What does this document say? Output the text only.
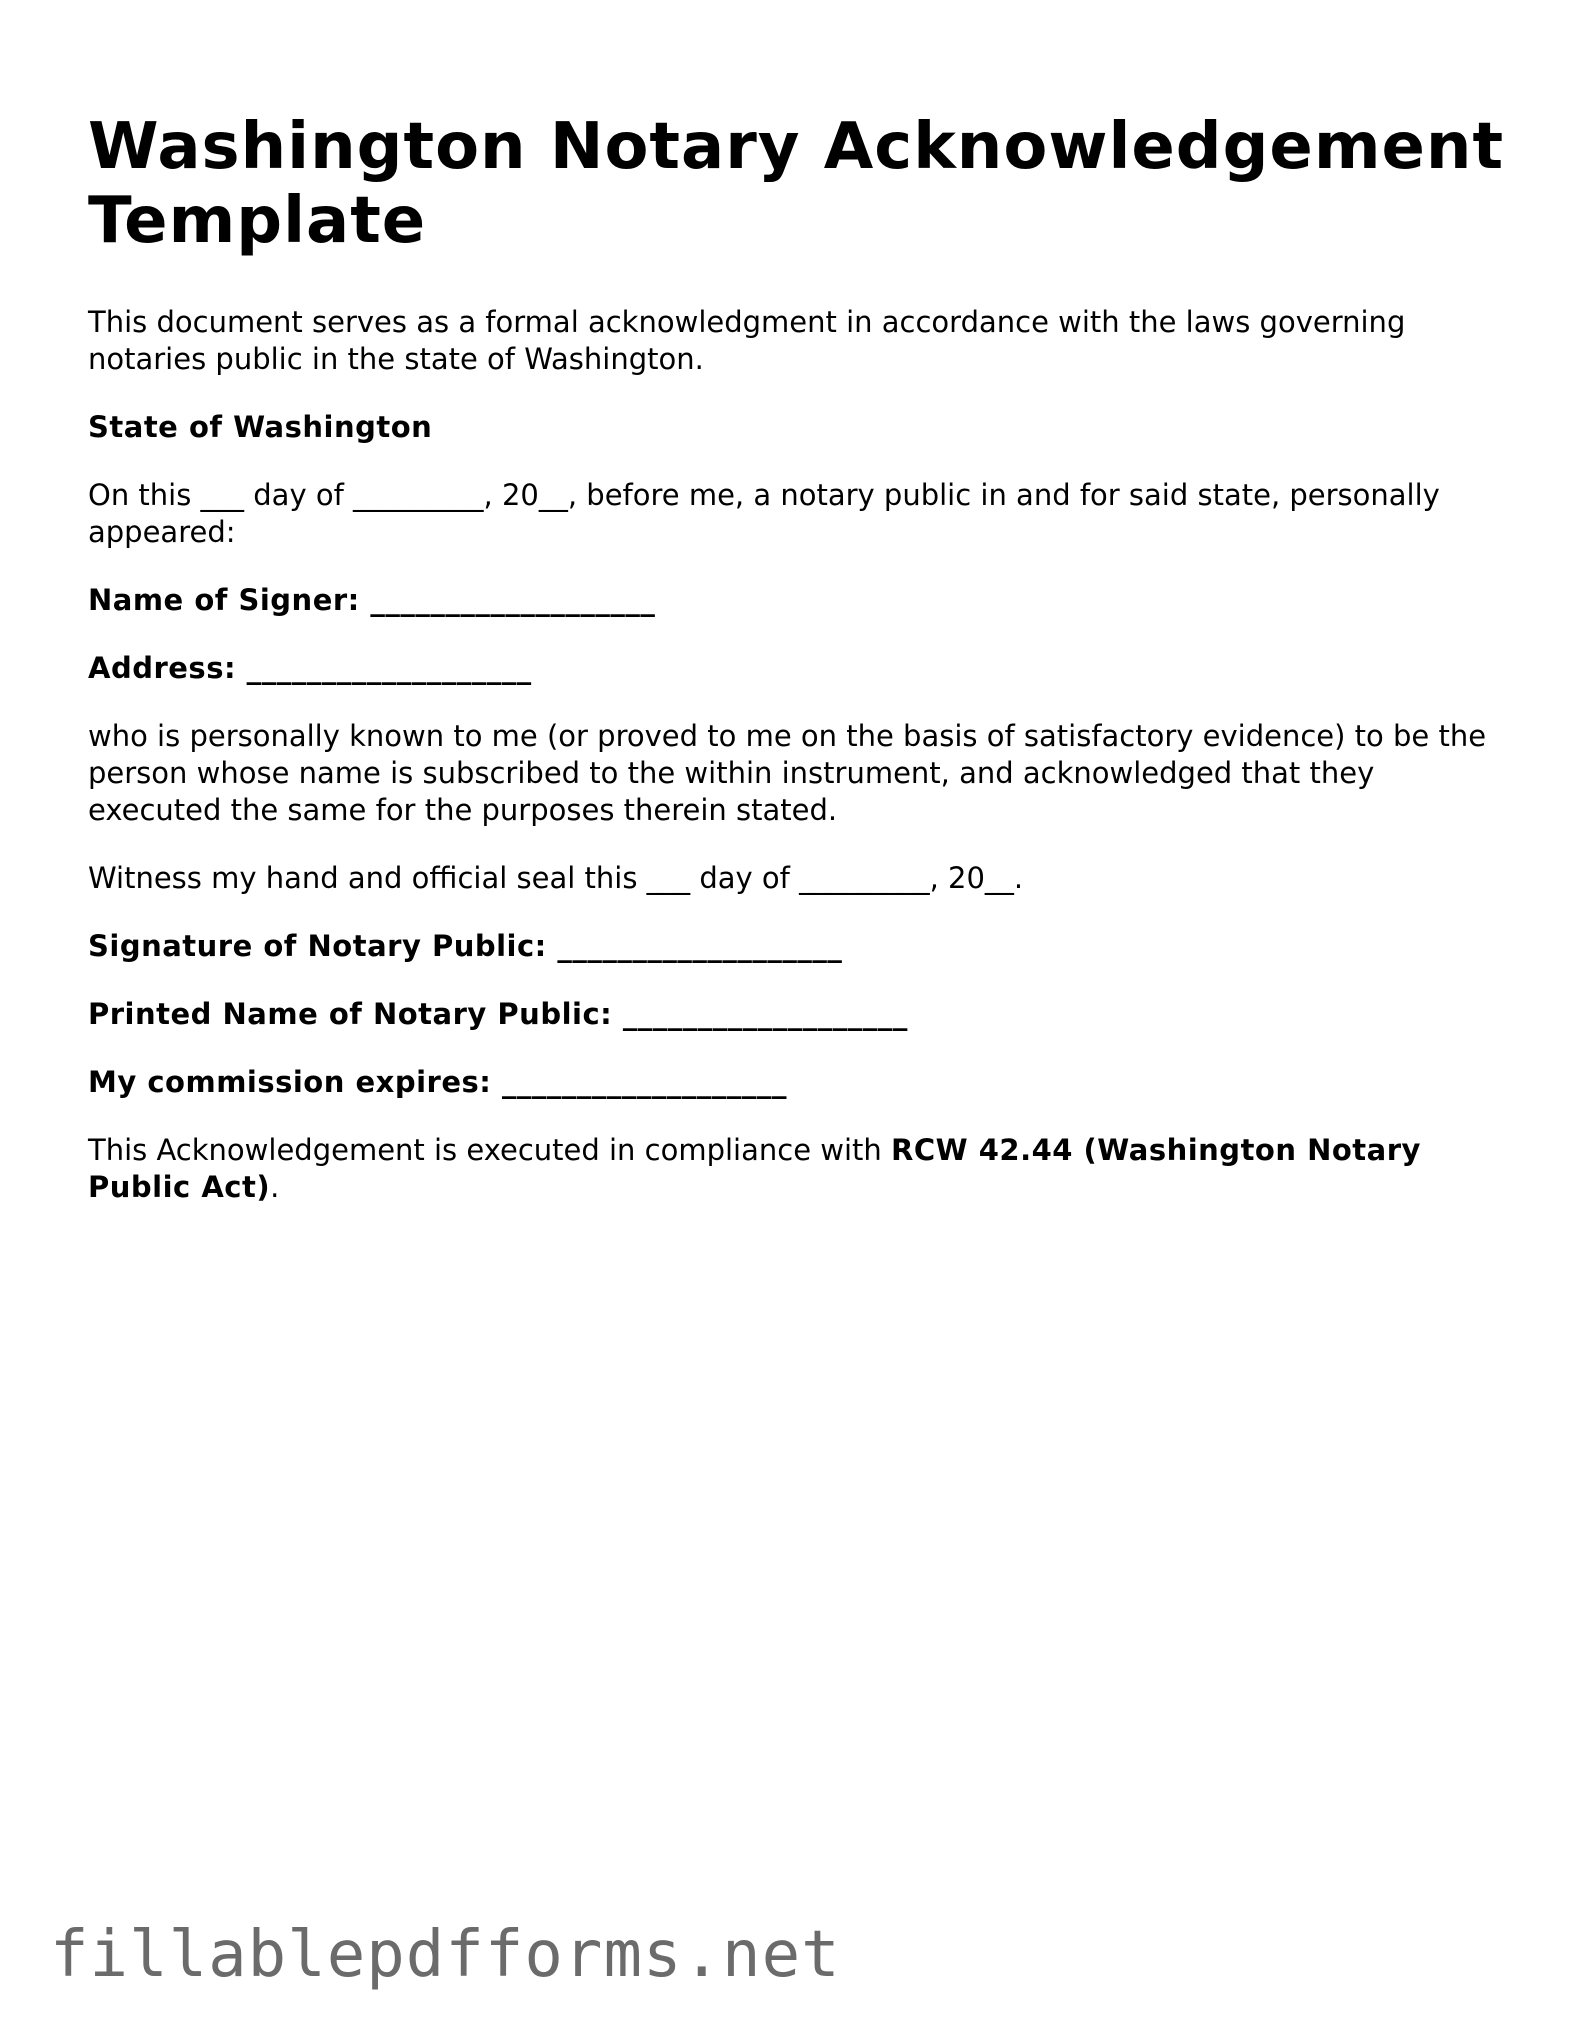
Washington Notary Acknowledgement Template

This document serves as a formal acknowledgment in accordance with the laws governing notaries public in the state of Washington.

State of Washington

On this ___ day of _________, 20__, before me, a notary public in and for said state, personally appeared:

Name of Signer: ___________________

Address: ___________________

who is personally known to me (or proved to me on the basis of satisfactory evidence) to be the person whose name is subscribed to the within instrument, and acknowledged that they executed the same for the purposes therein stated.

Witness my hand and official seal this ___ day of _________, 20__.

Signature of Notary Public: ___________________

Printed Name of Notary Public: ___________________

My commission expires: ___________________

This Acknowledgement is executed in compliance with RCW 42.44 (Washington Notary Public Act).

fillablepdfforms.net
